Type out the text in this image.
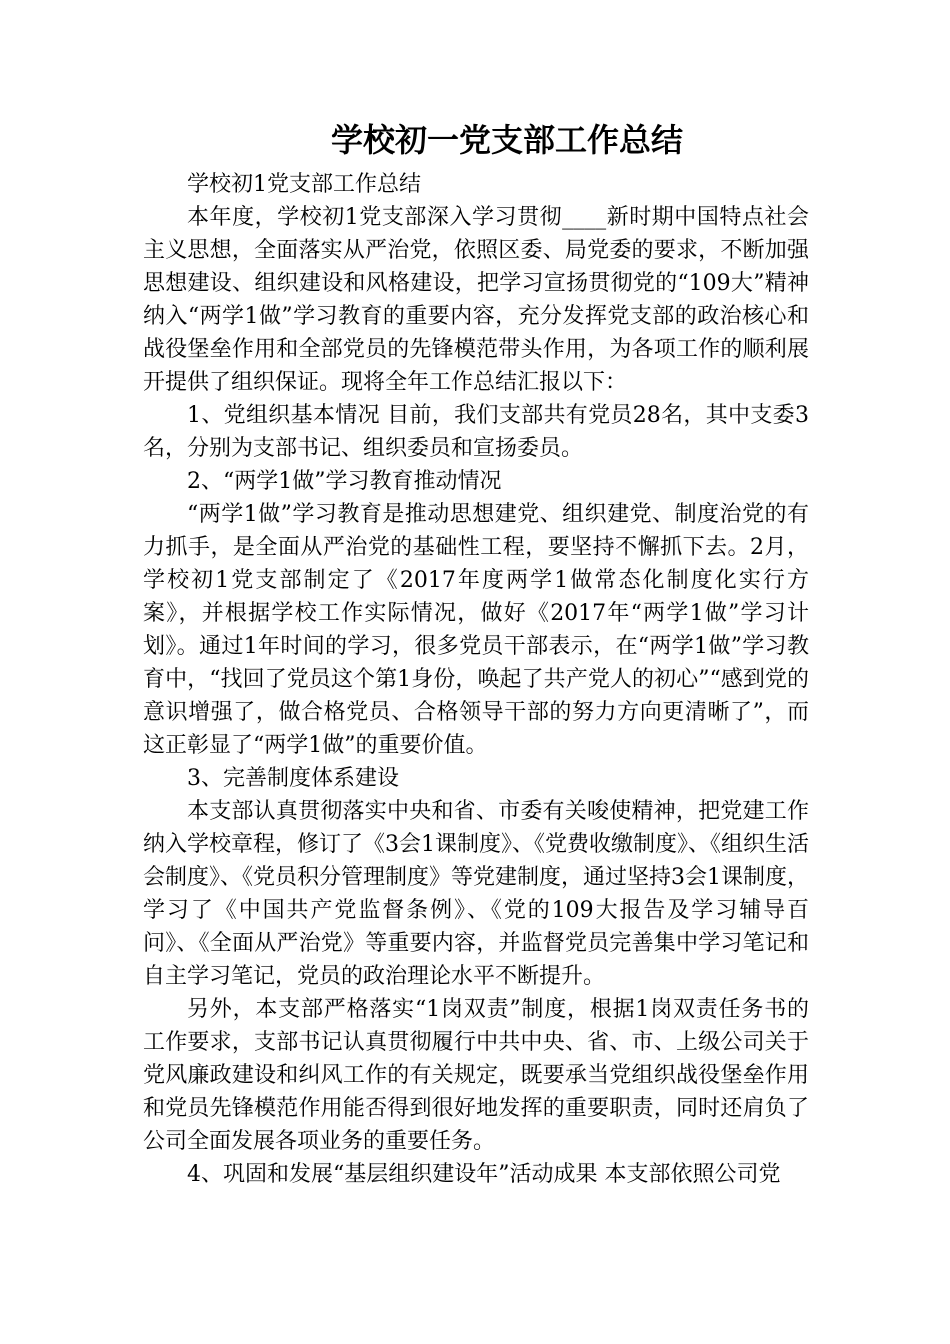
学校初一党支部工作总结

学校初1党支部工作总结

本年度，学校初1党支部深入学习贯彻____新时期中国特点社会主义思想，全面落实从严治党，依照区委、局党委的要求，不断加强思想建设、组织建设和风格建设，把学习宣扬贯彻党的“109大”精神纳入“两学1做”学习教育的重要内容，充分发挥党支部的政治核心和战役堡垒作用和全部党员的先锋模范带头作用，为各项工作的顺利展开提供了组织保证。现将全年工作总结汇报以下：

1、党组织基本情况 目前，我们支部共有党员28名，其中支委3名，分别为支部书记、组织委员和宣扬委员。

2、“两学1做”学习教育推动情况

“两学1做”学习教育是推动思想建党、组织建党、制度治党的有力抓手，是全面从严治党的基础性工程，要坚持不懈抓下去。2月，学校初1党支部制定了《2017年度两学1做常态化制度化实行方案》，并根据学校工作实际情况，做好《2017年“两学1做”学习计划》。通过1年时间的学习，很多党员干部表示，在“两学1做”学习教育中，“找回了党员这个第1身份，唤起了共产党人的初心”“感到党的意识增强了，做合格党员、合格领导干部的努力方向更清晰了”，而这正彰显了“两学1做”的重要价值。

3、完善制度体系建设

本支部认真贯彻落实中央和省、市委有关唆使精神，把党建工作纳入学校章程，修订了《3会1课制度》、《党费收缴制度》、《组织生活会制度》、《党员积分管理制度》等党建制度，通过坚持3会1课制度，学习了《中国共产党监督条例》、《党的109大报告及学习辅导百问》、《全面从严治党》等重要内容，并监督党员完善集中学习笔记和自主学习笔记，党员的政治理论水平不断提升。

另外，本支部严格落实“1岗双责”制度，根据1岗双责任务书的工作要求，支部书记认真贯彻履行中共中央、省、市、上级公司关于党风廉政建设和纠风工作的有关规定，既要承当党组织战役堡垒作用和党员先锋模范作用能否得到很好地发挥的重要职责，同时还肩负了公司全面发展各项业务的重要任务。

4、巩固和发展“基层组织建设年”活动成果 本支部依照公司党
